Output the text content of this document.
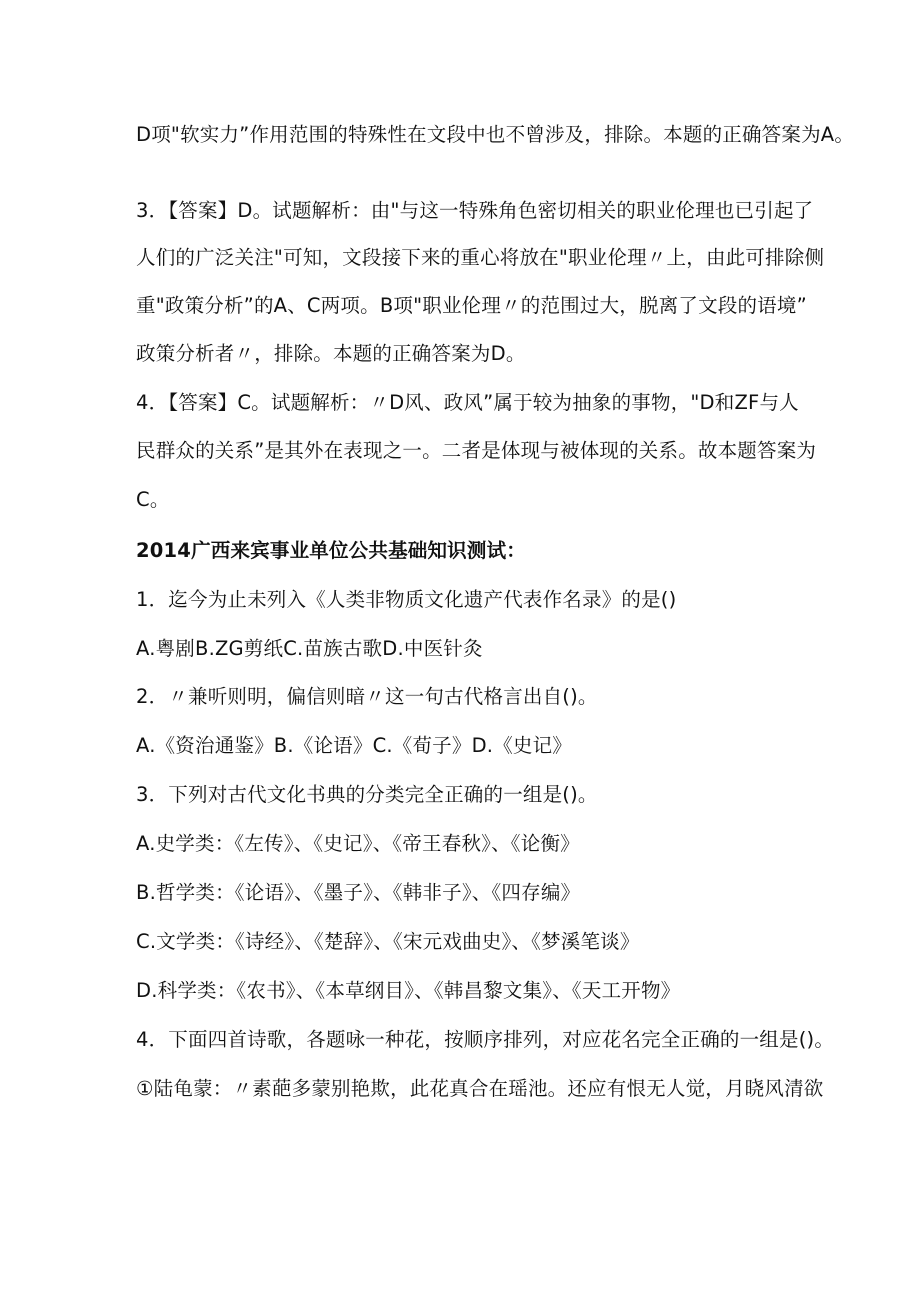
D项"软实力”作用范围的特殊性在文段中也不曾涉及，排除。本题的正确答案为A。
3．【答案】D。试题解析：由"与这一特殊角色密切相关的职业伦理也已引起了
人们的广泛关注"可知，文段接下来的重心将放在"职业伦理〃上，由此可排除侧
重"政策分析”的A、C两项。B项"职业伦理〃的范围过大，脱离了文段的语境”
政策分析者〃，排除。本题的正确答案为D。
4．【答案】C。试题解析：〃D风、政风”属于较为抽象的事物，"D和ZF与人
民群众的关系”是其外在表现之一。二者是体现与被体现的关系。故本题答案为
C。
2014广西来宾事业单位公共基础知识测试：
1．迄今为止未列入《人类非物质文化遗产代表作名录》的是()
A.粤剧B.ZG剪纸C.苗族古歌D.中医针灸
2．〃兼听则明，偏信则暗〃这一句古代格言出自()。
A.《资治通鉴》B.《论语》C.《荀子》D.《史记》
3．下列对古代文化书典的分类完全正确的一组是()。
A.史学类：《左传》、《史记》、《帝王春秋》、《论衡》
B.哲学类：《论语》、《墨子》、《韩非子》、《四存编》
C.文学类：《诗经》、《楚辞》、《宋元戏曲史》、《梦溪笔谈》
D.科学类：《农书》、《本草纲目》、《韩昌黎文集》、《天工开物》
4．下面四首诗歌，各题咏一种花，按顺序排列，对应花名完全正确的一组是()。
①陆龟蒙：〃素葩多蒙别艳欺，此花真合在瑶池。还应有恨无人觉，月晓风清欲
